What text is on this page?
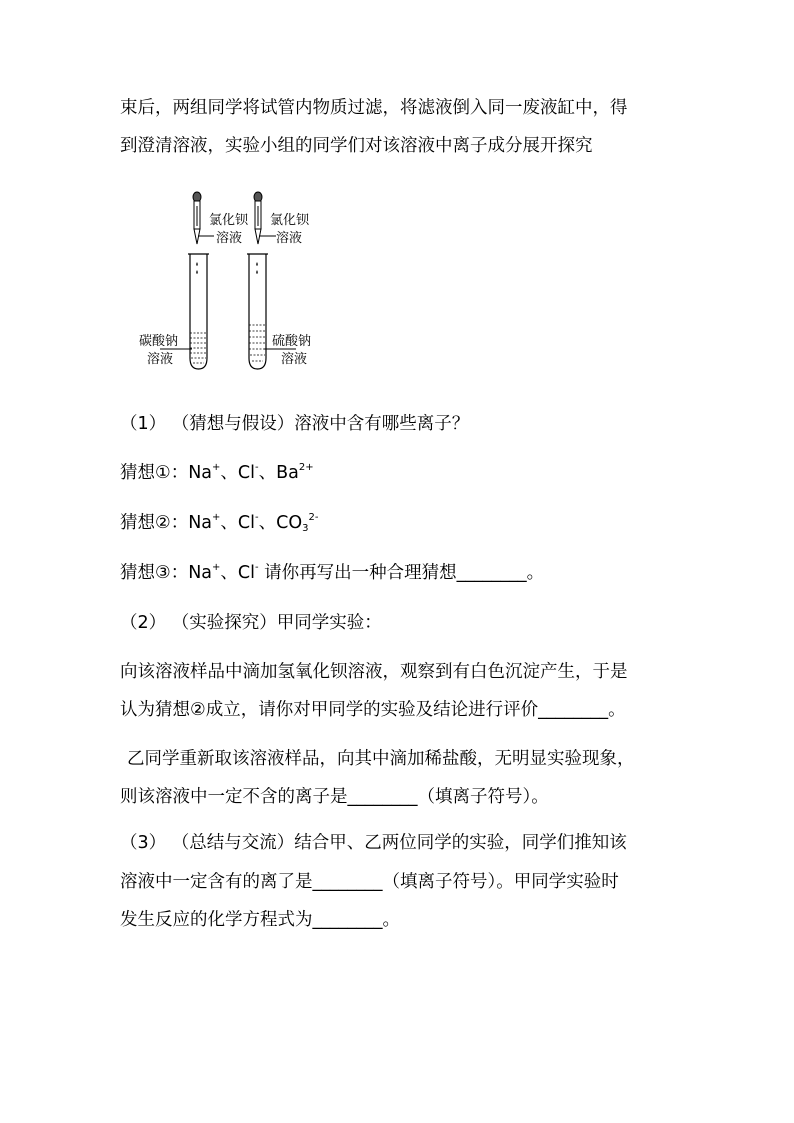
束后，两组同学将试管内物质过滤，将滤液倒入同一废液缸中，得
到澄清溶液，实验小组的同学们对该溶液中离子成分展开探究
氯化钡
溶液
氯化钡
溶液
碳酸钠
溶液
硫酸钠
溶液
（1） （猜想与假设）溶液中含有哪些离子？
猜想①：Na+、Cl-、$Ba^{2+}$
猜想②：Na+、Cl-、$CO_3^{2-}$
猜想③：Na+、Cl- 请你再写出一种合理猜想________。
（2） （实验探究）甲同学实验：
向该溶液样品中滴加氢氧化钡溶液，观察到有白色沉淀产生，于是
认为猜想②成立，请你对甲同学的实验及结论进行评价________。
乙同学重新取该溶液样品，向其中滴加稀盐酸，无明显实验现象，
则该溶液中一定不含的离子是________（填离子符号）。
（3） （总结与交流）结合甲、乙两位同学的实验，同学们推知该
溶液中一定含有的离了是________（填离子符号）。甲同学实验时
发生反应的化学方程式为________。
